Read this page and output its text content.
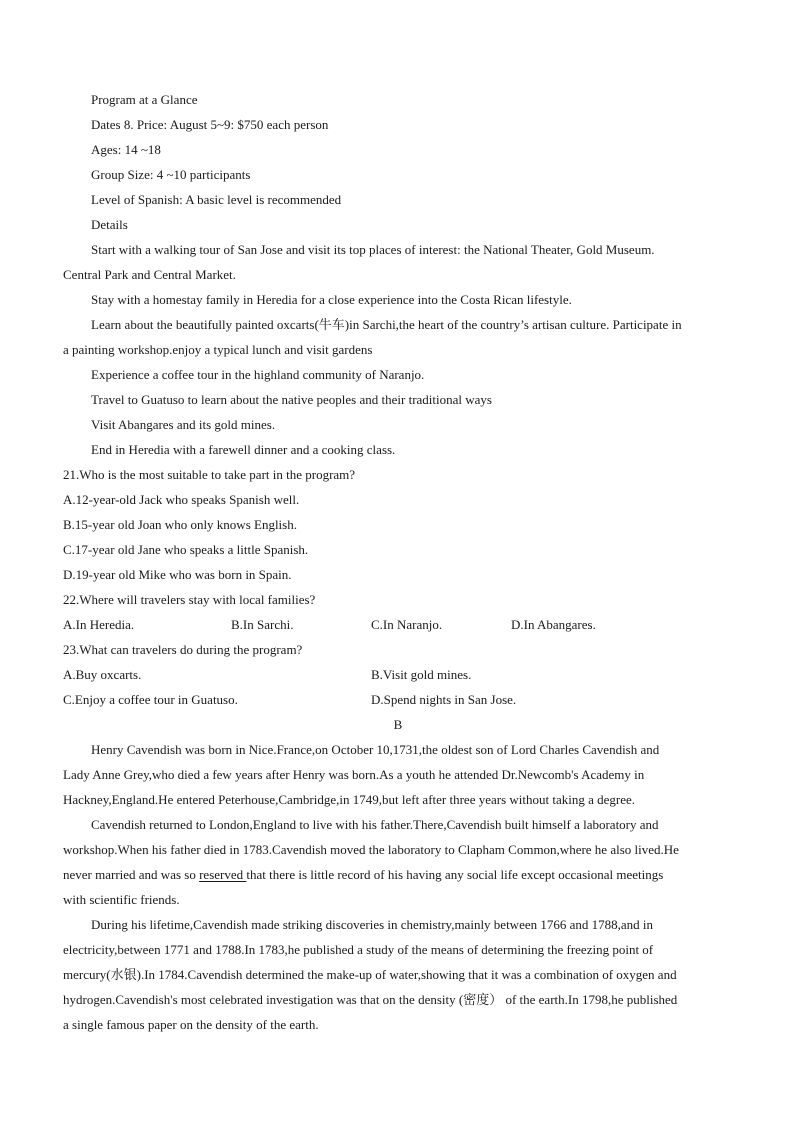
Program at a Glance
Dates 8. Price: August 5~9: $750 each person
Ages: 14 ~18
Group Size: 4 ~10 participants
Level of Spanish: A basic level is recommended
Details
Start with a walking tour of San Jose and visit its top places of interest: the National Theater, Gold Museum.
Central Park and Central Market.
Stay with a homestay family in Heredia for a close experience into the Costa Rican lifestyle.
Learn about the beautifully painted oxcarts(牛车)in Sarchi,the heart of the country’s artisan culture. Participate in
a painting workshop.enjoy a typical lunch and visit gardens
Experience a coffee tour in the highland community of Naranjo.
Travel to Guatuso to learn about the native peoples and their traditional ways
Visit Abangares and its gold mines.
End in Heredia with a farewell dinner and a cooking class.
21.Who is the most suitable to take part in the program?
A.12-year-old Jack who speaks Spanish well.
B.15-year old Joan who only knows English.
C.17-year old Jane who speaks a little Spanish.
D.19-year old Mike who was born in Spain.
22.Where will travelers stay with local families?
A.In Heredia.	B.In Sarchi.	C.In Naranjo.	D.In Abangares.
23.What can travelers do during the program?
A.Buy oxcarts.	B.Visit gold mines.
C.Enjoy a coffee tour in Guatuso.	D.Spend nights in San Jose.
B
Henry Cavendish was born in Nice.France,on October 10,1731,the oldest son of Lord Charles Cavendish and
Lady Anne Grey,who died a few years after Henry was born.As a youth he attended Dr.Newcomb's Academy in
Hackney,England.He entered Peterhouse,Cambridge,in 1749,but left after three years without taking a degree.
Cavendish returned to London,England to live with his father.There,Cavendish built himself a laboratory and
workshop.When his father died in 1783.Cavendish moved the laboratory to Clapham Common,where he also lived.He
never married and was so reserved that there is little record of his having any social life except occasional meetings
with scientific friends.
During his lifetime,Cavendish made striking discoveries in chemistry,mainly between 1766 and 1788,and in
electricity,between 1771 and 1788.In 1783,he published a study of the means of determining the freezing point of
mercury(水银).In 1784.Cavendish determined the make-up of water,showing that it was a combination of oxygen and
hydrogen.Cavendish's most celebrated investigation was that on the density (密度） of the earth.In 1798,he published
a single famous paper on the density of the earth.
